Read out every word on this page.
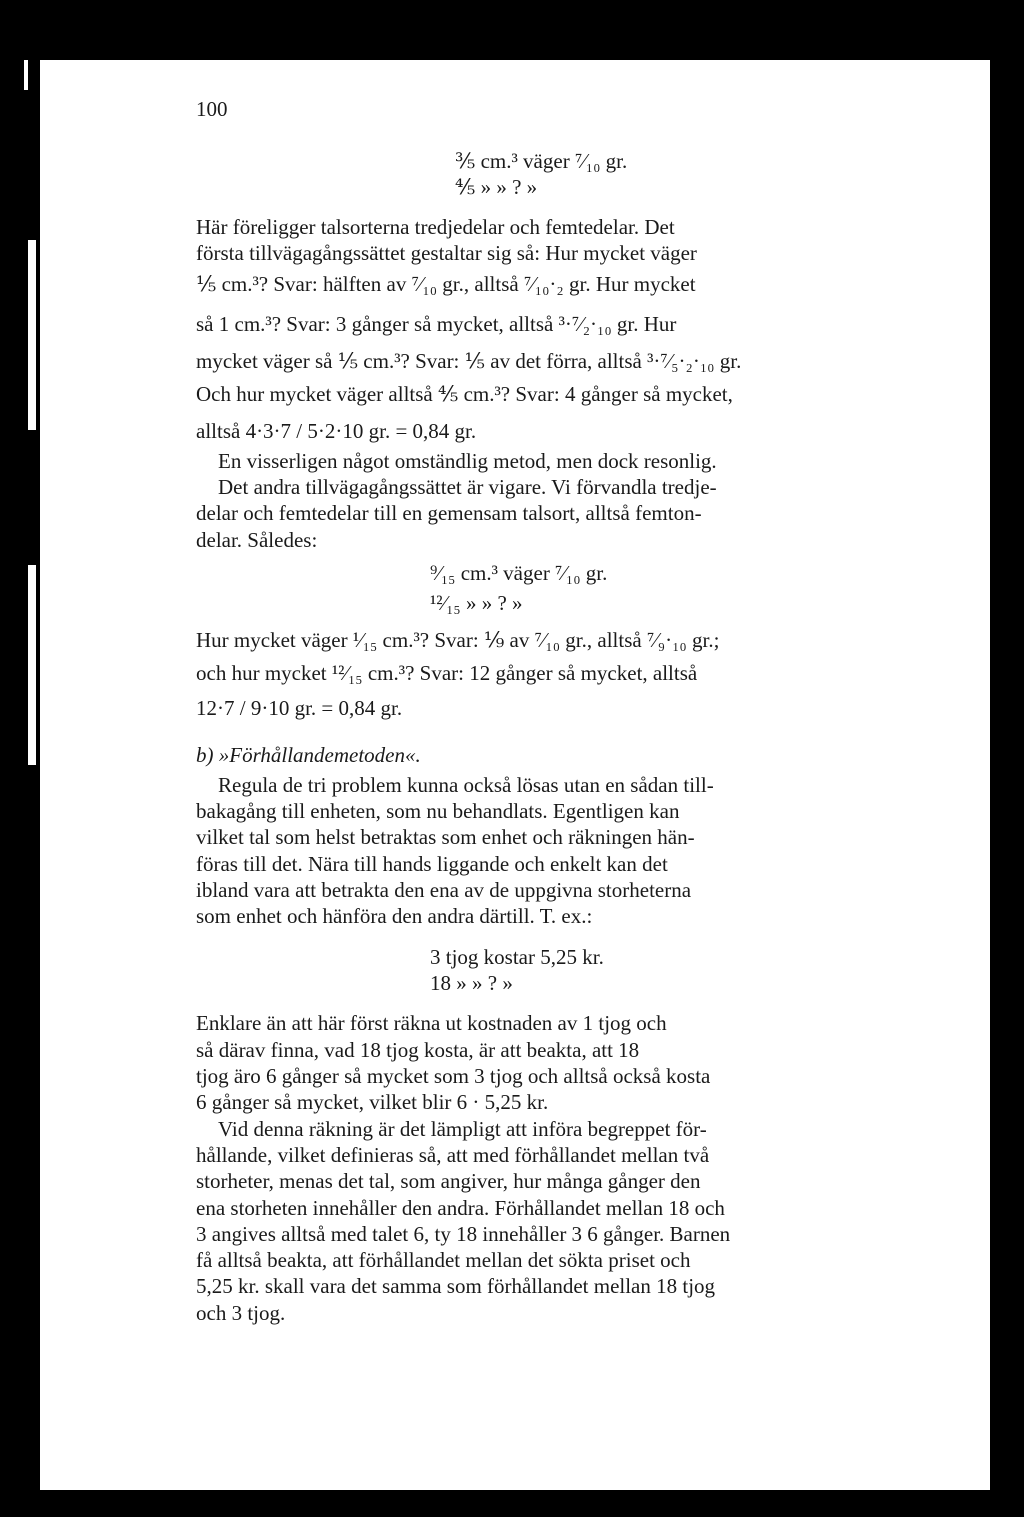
100
⅗ cm.³ väger ⁷⁄₁₀ gr.
⅘ » » ? »
Här föreligger talsorterna tredjedelar och femtedelar. Det
första tillvägagångssättet gestaltar sig så: Hur mycket väger
⅕ cm.³? Svar: hälften av ⁷⁄₁₀ gr., alltså ⁷⁄₁₀·₂ gr. Hur mycket
så 1 cm.³? Svar: 3 gånger så mycket, alltså ³·⁷⁄₂·₁₀ gr. Hur
mycket väger så ⅕ cm.³? Svar: ⅕ av det förra, alltså ³·⁷⁄₅·₂·₁₀ gr.
Och hur mycket väger alltså ⅘ cm.³? Svar: 4 gånger så mycket,
alltså 4·3·7 / 5·2·10 gr. = 0,84 gr.
En visserligen något omständlig metod, men dock resonlig.
Det andra tillvägagångssättet är vigare. Vi förvandla tredje-
delar och femtedelar till en gemensam talsort, alltså femton-
delar. Således:
⁹⁄₁₅ cm.³ väger ⁷⁄₁₀ gr.
¹²⁄₁₅ » » ? »
Hur mycket väger ¹⁄₁₅ cm.³? Svar: ⅑ av ⁷⁄₁₀ gr., alltså ⁷⁄₉·₁₀ gr.;
och hur mycket ¹²⁄₁₅ cm.³? Svar: 12 gånger så mycket, alltså
12·7 / 9·10 gr. = 0,84 gr.
b) »Förhållandemetoden«.
Regula de tri problem kunna också lösas utan en sådan till-
bakagång till enheten, som nu behandlats. Egentligen kan
vilket tal som helst betraktas som enhet och räkningen hän-
föras till det. Nära till hands liggande och enkelt kan det
ibland vara att betrakta den ena av de uppgivna storheterna
som enhet och hänföra den andra därtill. T. ex.:
3 tjog kostar 5,25 kr.
18 » » ? »
Enklare än att här först räkna ut kostnaden av 1 tjog och
så därav finna, vad 18 tjog kosta, är att beakta, att 18
tjog äro 6 gånger så mycket som 3 tjog och alltså också kosta
6 gånger så mycket, vilket blir 6 · 5,25 kr.
Vid denna räkning är det lämpligt att införa begreppet för-
hållande, vilket definieras så, att med förhållandet mellan två
storheter, menas det tal, som angiver, hur många gånger den
ena storheten innehåller den andra. Förhållandet mellan 18 och
3 angives alltså med talet 6, ty 18 innehåller 3 6 gånger. Barnen
få alltså beakta, att förhållandet mellan det sökta priset och
5,25 kr. skall vara det samma som förhållandet mellan 18 tjog
och 3 tjog.
